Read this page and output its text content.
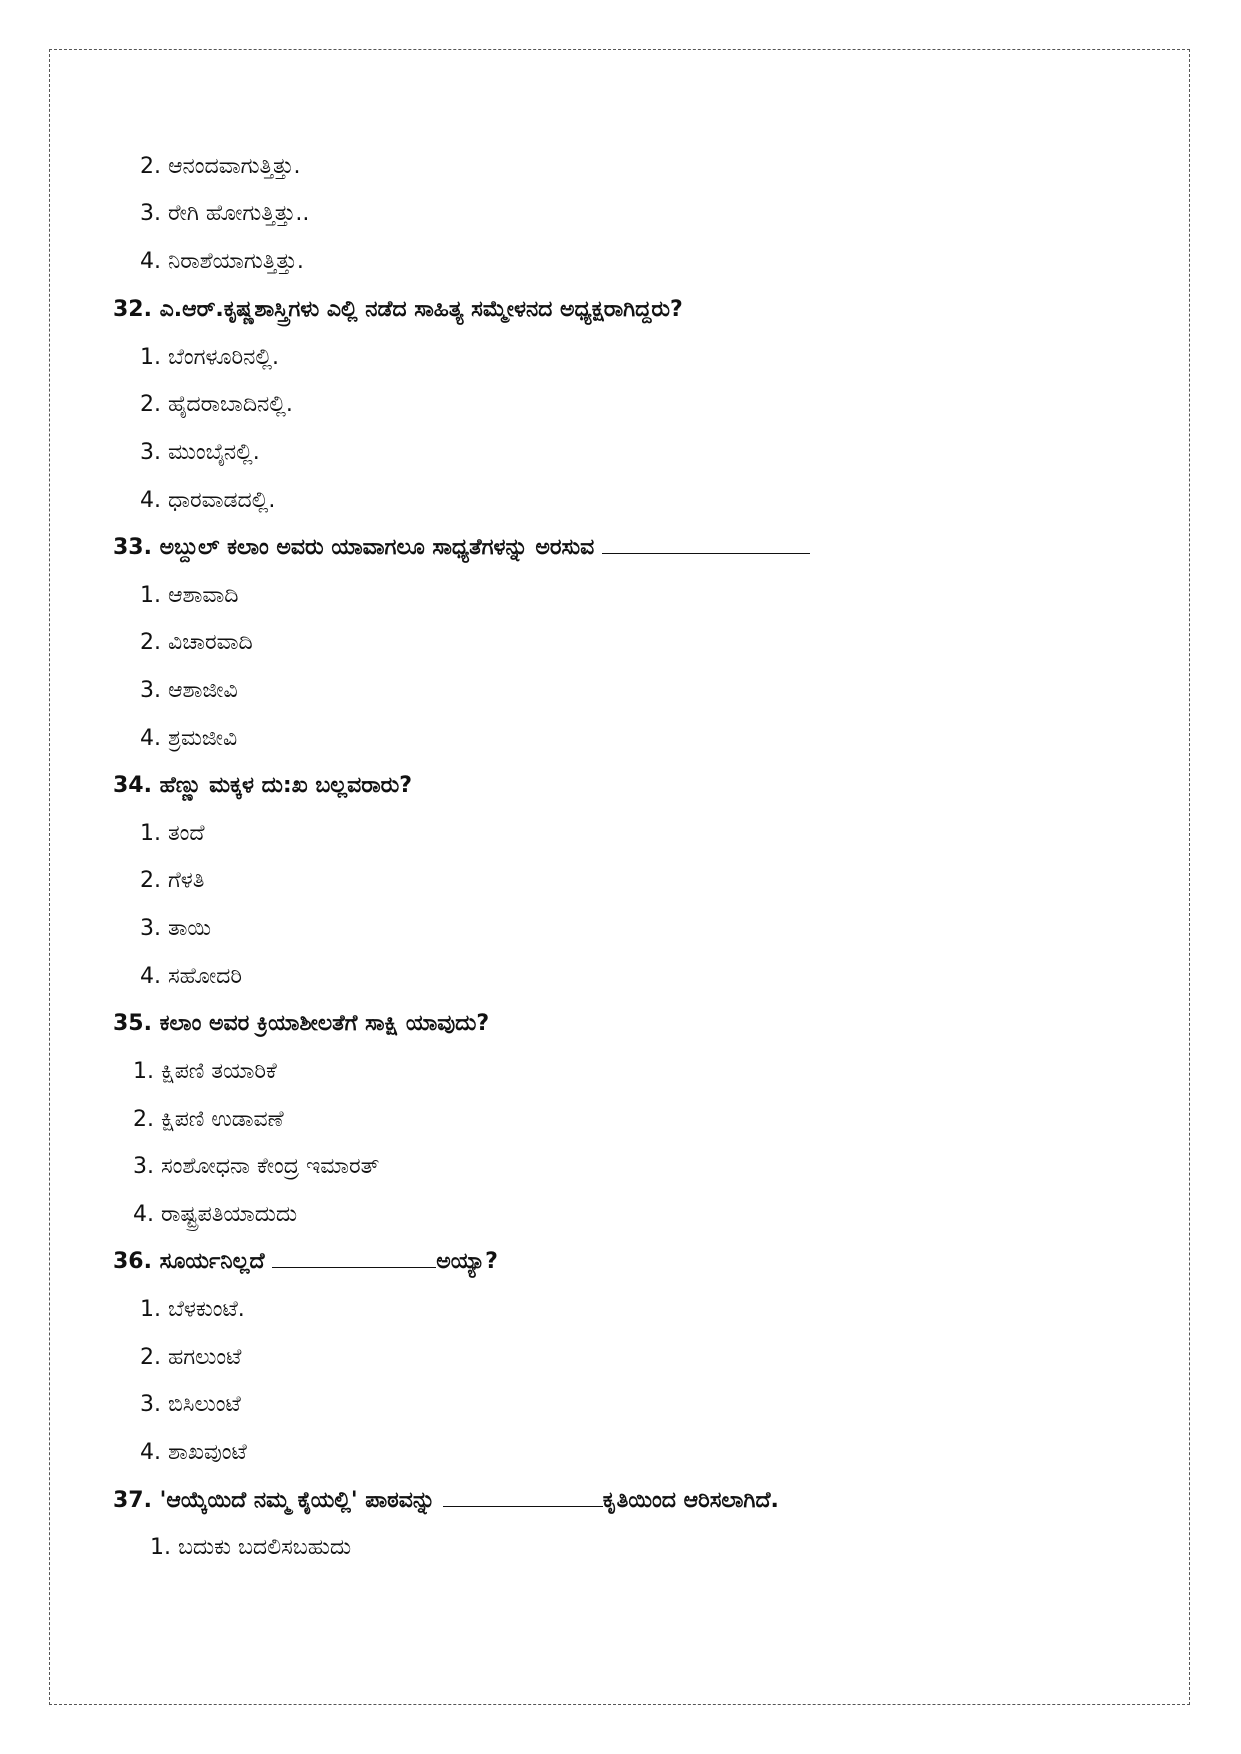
2. ಆನಂದವಾಗುತ್ತಿತ್ತು.
3. ರೇಗಿ ಹೋಗುತ್ತಿತ್ತು..
4. ನಿರಾಶೆಯಾಗುತ್ತಿತ್ತು.
32. ಎ.ಆರ್.ಕೃಷ್ಣಶಾಸ್ತ್ರಿಗಳು ಎಲ್ಲಿ ನಡೆದ ಸಾಹಿತ್ಯ ಸಮ್ಮೇಳನದ ಅಧ್ಯಕ್ಷರಾಗಿದ್ದರು?
1. ಬೆಂಗಳೂರಿನಲ್ಲಿ.
2. ಹೈದರಾಬಾದಿನಲ್ಲಿ.
3. ಮುಂಬೈನಲ್ಲಿ.
4. ಧಾರವಾಡದಲ್ಲಿ.
33. ಅಬ್ದುಲ್ ಕಲಾಂ ಅವರು ಯಾವಾಗಲೂ ಸಾಧ್ಯತೆಗಳನ್ನು ಅರಸುವ
1. ಆಶಾವಾದಿ
2. ವಿಚಾರವಾದಿ
3. ಆಶಾಜೀವಿ
4. ಶ್ರಮಜೀವಿ
34. ಹೆಣ್ಣು ಮಕ್ಕಳ ದು:ಖ ಬಲ್ಲವರಾರು?
1. ತಂದೆ
2. ಗೆಳತಿ
3. ತಾಯಿ
4. ಸಹೋದರಿ
35. ಕಲಾಂ ಅವರ ಕ್ರಿಯಾಶೀಲತೆಗೆ ಸಾಕ್ಷಿ ಯಾವುದು?
1. ಕ್ಷಿಪಣಿ ತಯಾರಿಕೆ
2. ಕ್ಷಿಪಣಿ ಉಡಾವಣೆ
3. ಸಂಶೋಧನಾ ಕೇಂದ್ರ ಇಮಾರತ್
4. ರಾಷ್ಟ್ರಪತಿಯಾದುದು
36. ಸೂರ್ಯನಿಲ್ಲದೆ	ಅಯ್ಯಾ?
1. ಬೆಳಕುಂಟೆ.
2. ಹಗಲುಂಟೆ
3. ಬಿಸಿಲುಂಟೆ
4. ಶಾಖವುಂಟೆ
37. 'ಆಯ್ಕೆಯಿದೆ ನಮ್ಮ ಕೈಯಲ್ಲಿ' ಪಾಠವನ್ನು	ಕೃತಿಯಿಂದ ಆರಿಸಲಾಗಿದೆ.
1. ಬದುಕು ಬದಲಿಸಬಹುದು
